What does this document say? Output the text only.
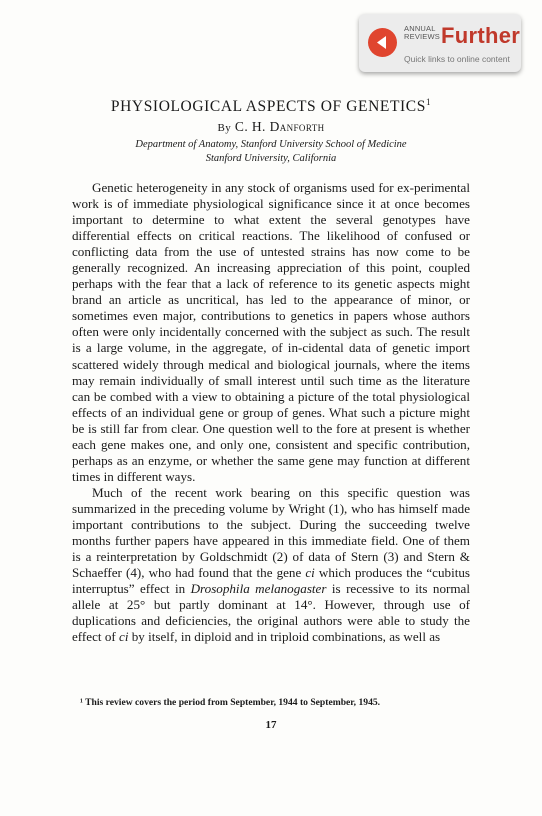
ANNUAL
REVIEWS Further
Quick links to online content
PHYSIOLOGICAL ASPECTS OF GENETICS$^1$
By C. H. Danforth
Department of Anatomy, Stanford University School of Medicine
Stanford University, California

Genetic heterogeneity in any stock of organisms used for ex-perimental work is of immediate physiological significance since it at once becomes important to determine to what extent the several genotypes have differential effects on critical reactions. The likelihood of confused or conflicting data from the use of untested strains has now come to be generally recognized. An increasing appreciation of this point, coupled perhaps with the fear that a lack of reference to its genetic aspects might brand an article as uncritical, has led to the appearance of minor, or sometimes even major, contributions to genetics in papers whose authors often were only incidentally concerned with the subject as such. The result is a large volume, in the aggregate, of in-cidental data of genetic import scattered widely through medical and biological journals, where the items may remain individually of small interest until such time as the literature can be combed with a view to obtaining a picture of the total physiological effects of an individual gene or group of genes. What such a picture might be is still far from clear. One question well to the fore at present is whether each gene makes one, and only one, consistent and specific contribution, perhaps as an enzyme, or whether the same gene may function at different times in different ways.

Much of the recent work bearing on this specific question was summarized in the preceding volume by Wright (1), who has himself made important contributions to the subject. During the succeeding twelve months further papers have appeared in this immediate field. One of them is a reinterpretation by Goldschmidt (2) of data of Stern (3) and Stern & Schaeffer (4), who had found that the gene ci which produces the “cubitus interruptus” effect in Drosophila melanogaster is recessive to its normal allele at 25° but partly dominant at 14°. However, through use of duplications and deficiencies, the original authors were able to study the effect of ci by itself, in diploid and in triploid combinations, as well as

¹ This review covers the period from September, 1944 to September, 1945.
17
